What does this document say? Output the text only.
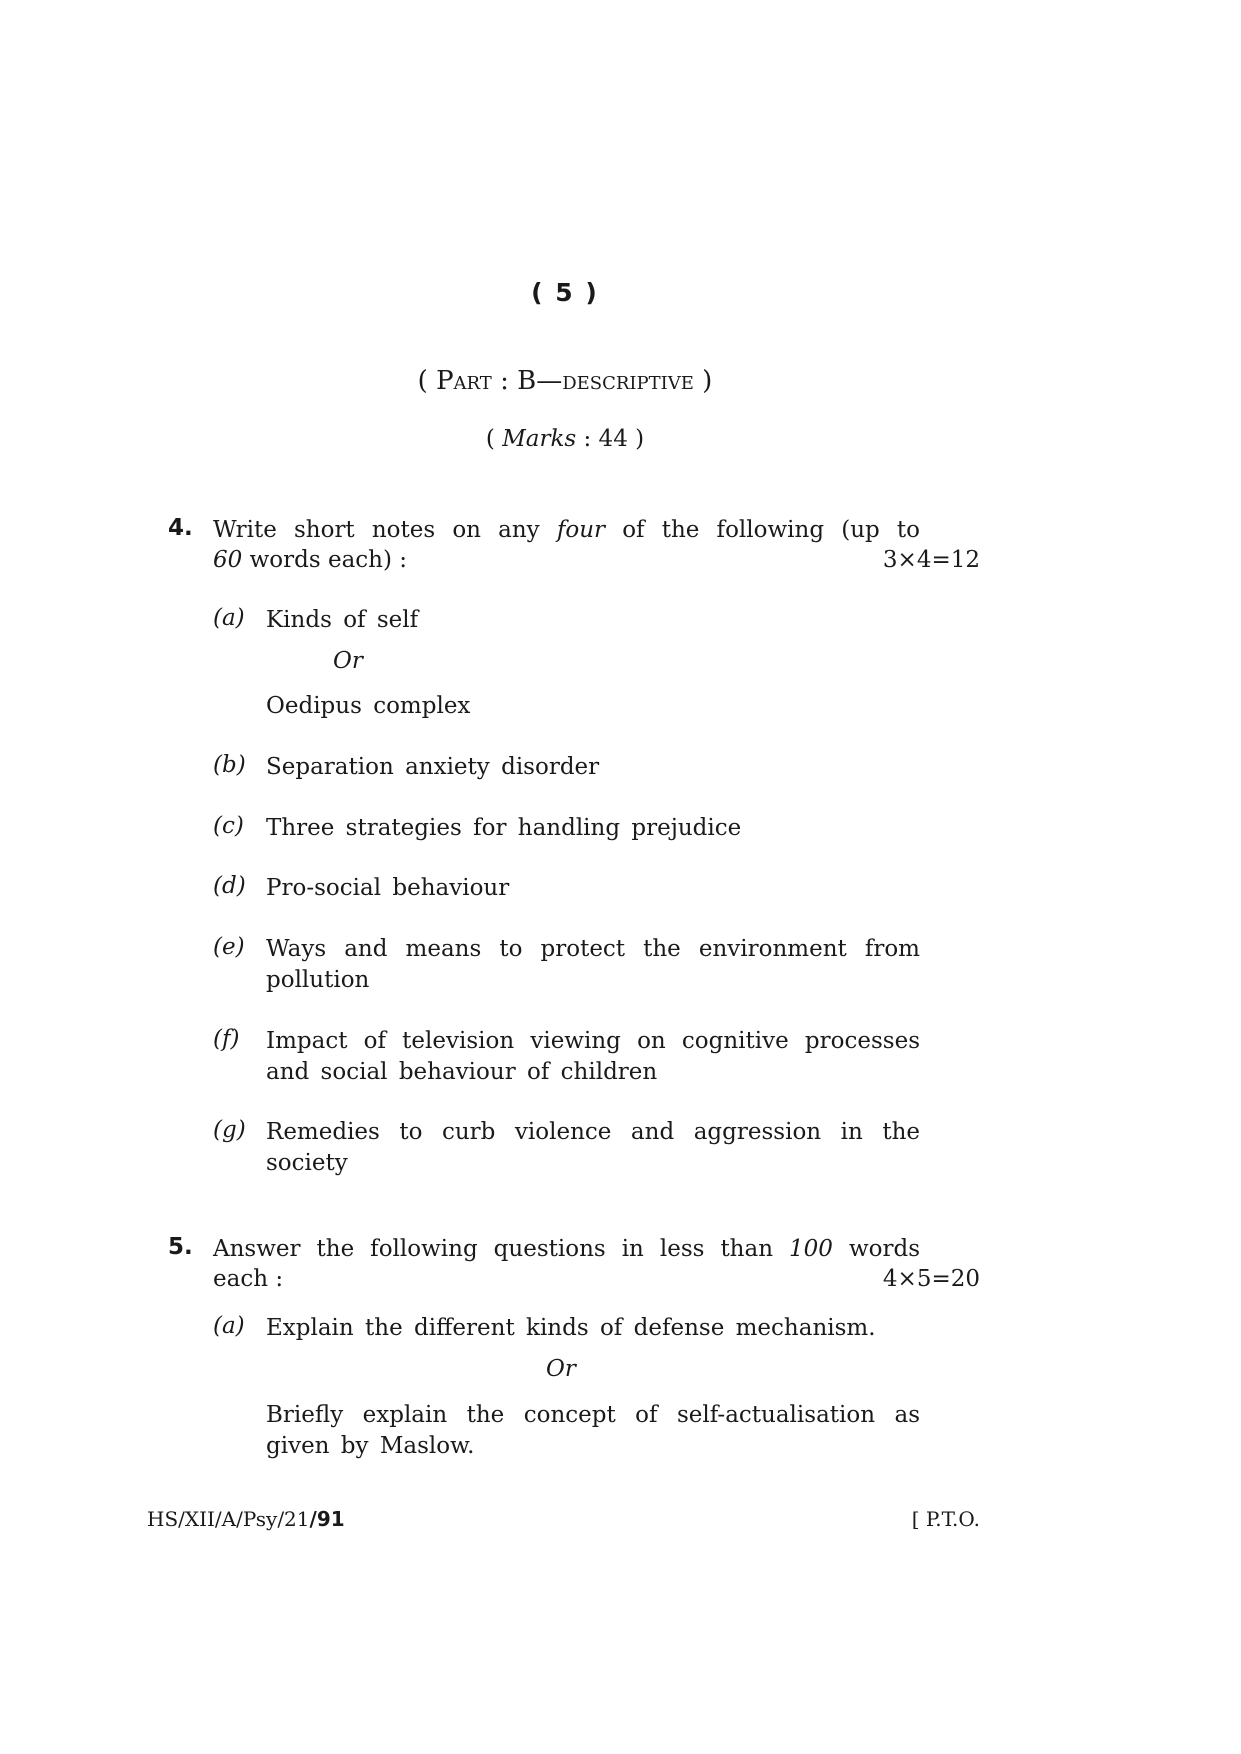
( 5 )
( Part : B—descriptive )
( Marks : 44 )
4. Write short notes on any four of the following (up to
60 words each) :	3×4=12
(a) Kinds of self
Or
Oedipus complex
(b) Separation anxiety disorder
(c) Three strategies for handling prejudice
(d) Pro-social behaviour
(e) Ways and means to protect the environment from
pollution
(f) Impact of television viewing on cognitive processes
and social behaviour of children
(g) Remedies to curb violence and aggression in the
society
5. Answer the following questions in less than 100 words
each :	4×5=20
(a) Explain the different kinds of defense mechanism.
Or
Briefly explain the concept of self-actualisation as
given by Maslow.
HS/XII/A/Psy/21/91	[ P.T.O.
